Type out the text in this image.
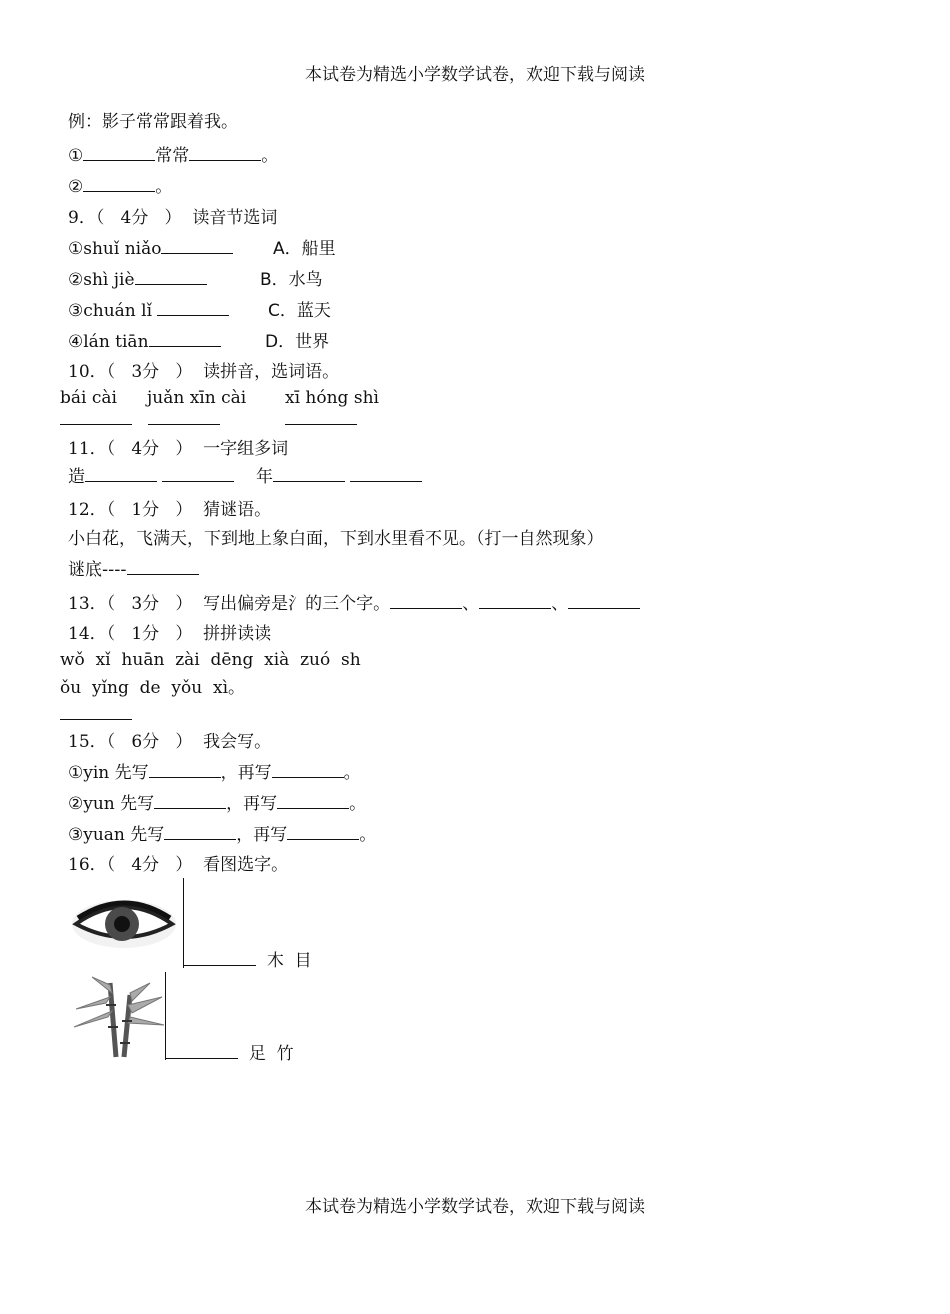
本试卷为精选小学数学试卷，欢迎下载与阅读
例：影子常常跟着我。
①	常常	。
②	。
9．（   4分   ）  读音节选词
①shuǐ niǎo	A．船里
②shì jiè	B．水鸟
③chuán lǐ	C．蓝天
④lán tiān	D．世界
10．（   3分   ）  读拼音，选词语。
bái cài juǎn xīn cài xī hóng shì
11．（   4分   ）  一字组多词
造	年
12．（   1分   ）  猜谜语。
小白花，飞满天，下到地上象白面，下到水里看不见。（打一自然现象）
谜底----
13．（   3分   ）  写出偏旁是氵的三个字。	、	、
14．（   1分   ）  拼拼读读
wǒ  xǐ  huān  zài  dēng  xià  zuó  sh
ǒu  yǐng  de  yǒu  xì。
15．（   6分   ）  我会写。
①yin 先写	，再写	。
②yun 先写	，再写	。
③yuan 先写	，再写	。
16．（   4分   ）  看图选字。
木  目
足  竹
本试卷为精选小学数学试卷，欢迎下载与阅读
